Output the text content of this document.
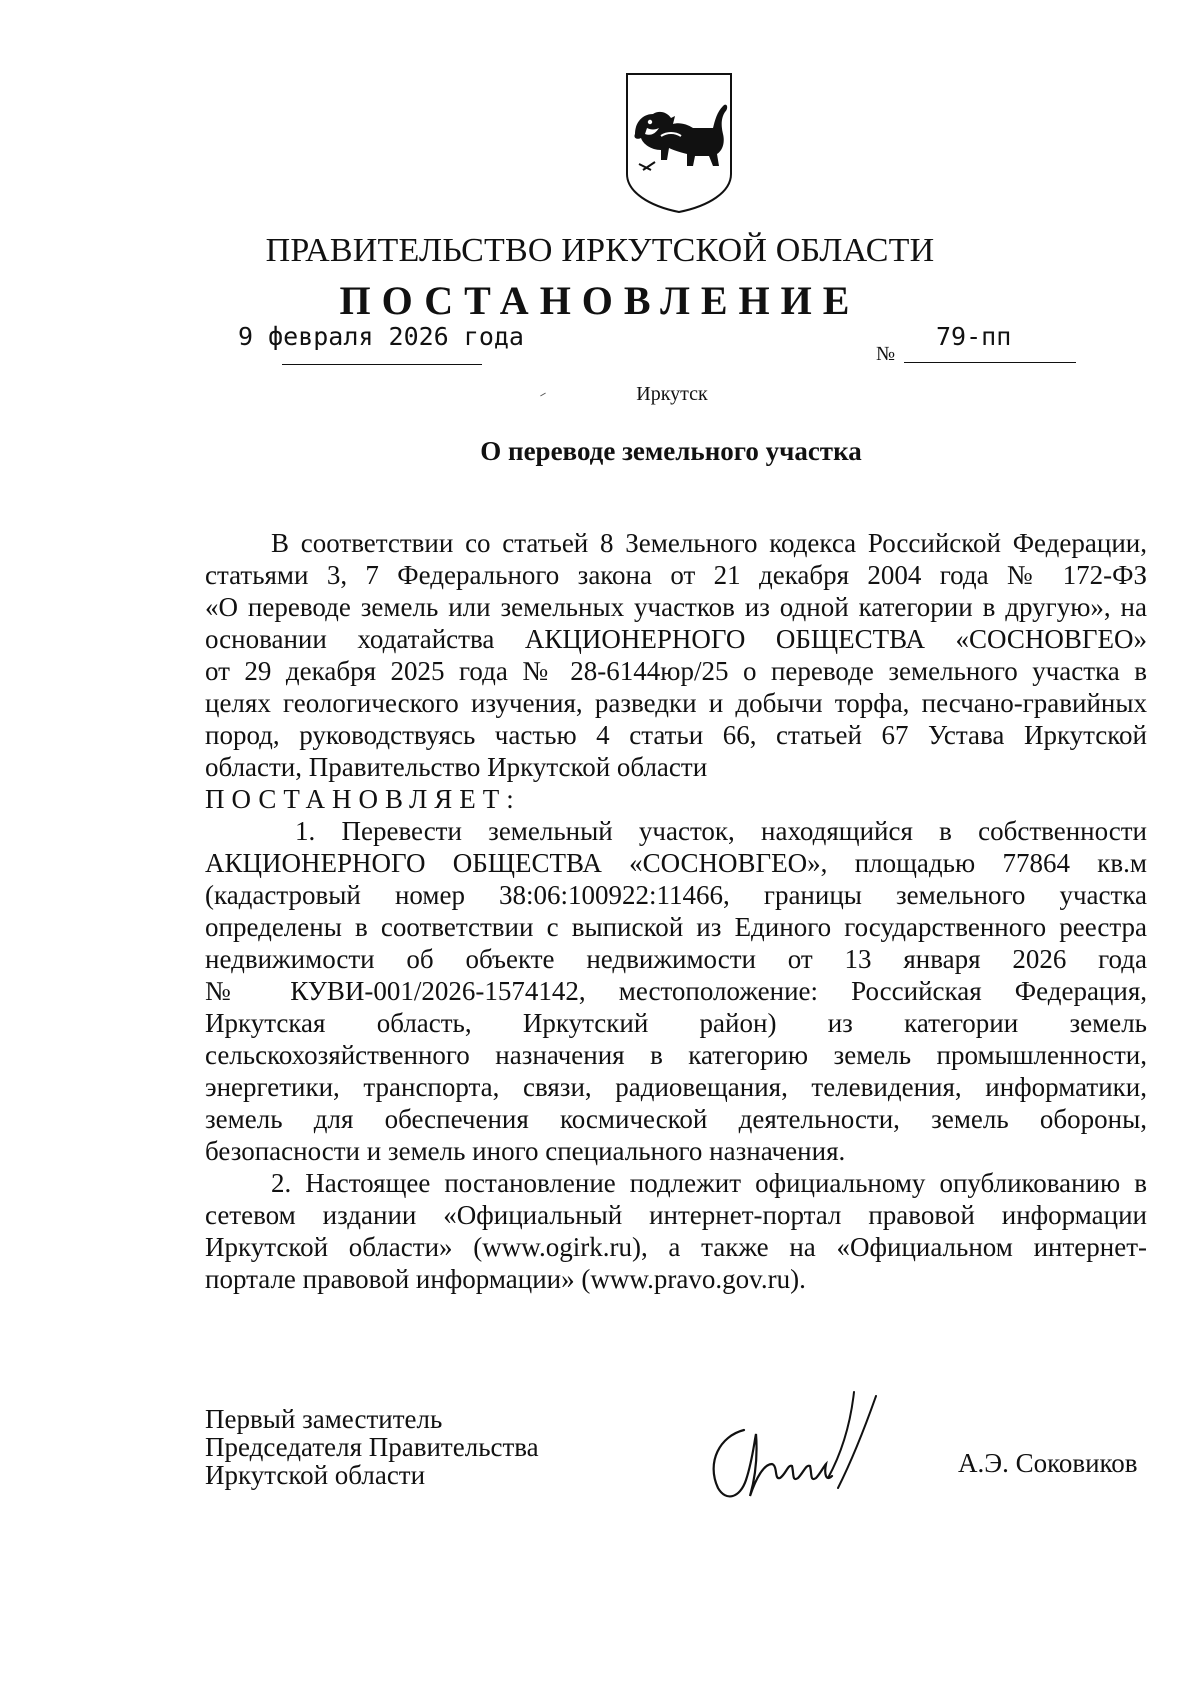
ПРАВИТЕЛЬСТВО ИРКУТСКОЙ ОБЛАСТИ
ПОСТАНОВЛЕНИЕ
9 февраля 2026 года
№
79-пп
Иркутск
О переводе земельного участка

В соответствии со статьей 8 Земельного кодекса Российской Федерации,

статьями 3, 7 Федерального закона от 21 декабря 2004 года № 172-ФЗ

«О переводе земель или земельных участков из одной категории в другую», на

основании ходатайства АКЦИОНЕРНОГО ОБЩЕСТВА «СОСНОВГЕО»

от 29 декабря 2025 года № 28-6144юр/25 о переводе земельного участка в

целях геологического изучения, разведки и добычи торфа, песчано-гравийных

пород, руководствуясь частью 4 статьи 66, статьей 67 Устава Иркутской

области, Правительство Иркутской области

ПОСТАНОВЛЯЕТ:

1. Перевести земельный участок, находящийся в собственности

АКЦИОНЕРНОГО ОБЩЕСТВА «СОСНОВГЕО», площадью 77864 кв.м

(кадастровый номер 38:06:100922:11466, границы земельного участка

определены в соответствии с выпиской из Единого государственного реестра

недвижимости об объекте недвижимости от 13 января 2026 года

№ КУВИ-001/2026-1574142, местоположение: Российская Федерация,

Иркутская область, Иркутский район) из категории земель

сельскохозяйственного назначения в категорию земель промышленности,

энергетики, транспорта, связи, радиовещания, телевидения, информатики,

земель для обеспечения космической деятельности, земель обороны,

безопасности и земель иного специального назначения.

2. Настоящее постановление подлежит официальному опубликованию в

сетевом издании «Официальный интернет-портал правовой информации

Иркутской области» (www.ogirk.ru), а также на «Официальном интернет-

портале правовой информации» (www.pravo.gov.ru).

Первый заместитель
Председателя Правительства
Иркутской области	А.Э. Соковиков
